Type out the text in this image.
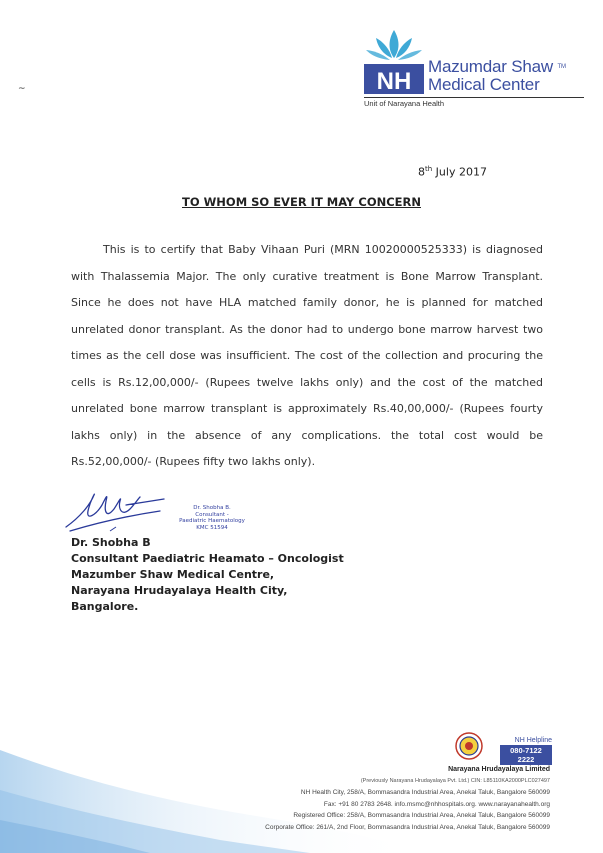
NH
Mazumdar Shaw ™
Medical Center
Unit of Narayana Health
~
8th July 2017
TO WHOM SO EVER IT MAY CONCERN

This is to certify that Baby Vihaan Puri (MRN 10020000525333) is diagnosed with Thalassemia Major. The only curative treatment is Bone Marrow Transplant. Since he does not have HLA matched family donor, he is planned for matched unrelated donor transplant. As the donor had to undergo bone marrow harvest two times as the cell dose was insufficient. The cost of the collection and procuring the cells is Rs.12,00,000/- (Rupees twelve lakhs only) and the cost of the matched unrelated bone marrow transplant is approximately Rs.40,00,000/- (Rupees fourty lakhs only) in the absence of any complications. the total cost would be Rs.52,00,000/- (Rupees fifty two lakhs only).

Dr. Shobha B.
Consultant -
Paediatric Haematology
KMC 51594
Dr. Shobha B
Consultant Paediatric Heamato – Oncologist
Mazumber Shaw Medical Centre,
Narayana Hrudayalaya Health City,
Bangalore.
NH Helpline
080-7122 2222
Narayana Hrudayalaya Limited
(Previously Narayana Hrudayalaya Pvt. Ltd.) CIN: L85110KA2000PLC027497
NH Health City, 258/A, Bommasandra Industrial Area, Anekal Taluk, Bangalore 560099
Fax: +91 80 2783 2648. info.msmc@nhhospitals.org. www.narayanahealth.org
Registered Office: 258/A, Bommasandra Industrial Area, Anekal Taluk, Bangalore 560099
Corporate Office: 261/A, 2nd Floor, Bommasandra Industrial Area, Anekal Taluk, Bangalore 560099
